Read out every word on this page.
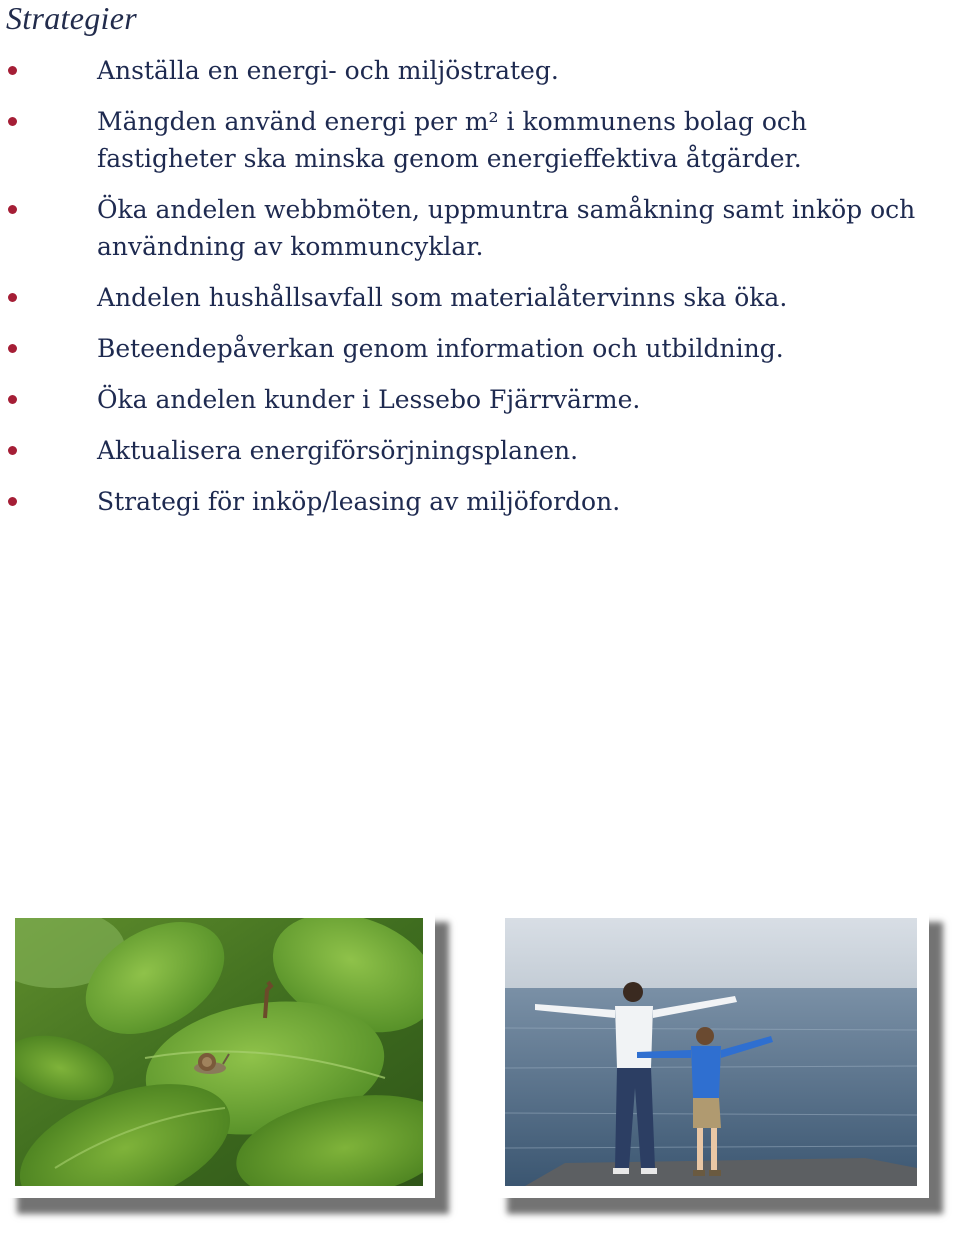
Strategier
Anställa en energi- och miljöstrateg.
Mängden använd energi per m² i kommunens bolag och fastigheter ska minska genom energieffektiva åtgärder.
Öka andelen webbmöten, uppmuntra samåkning samt inköp och användning av kommuncyklar.
Andelen hushållsavfall som materialåtervinns ska öka.
Beteendepåverkan genom information och utbildning.
Öka andelen kunder i Lessebo Fjärrvärme.
Aktualisera energiförsörjningsplanen.
Strategi för inköp/leasing av miljöfordon.
